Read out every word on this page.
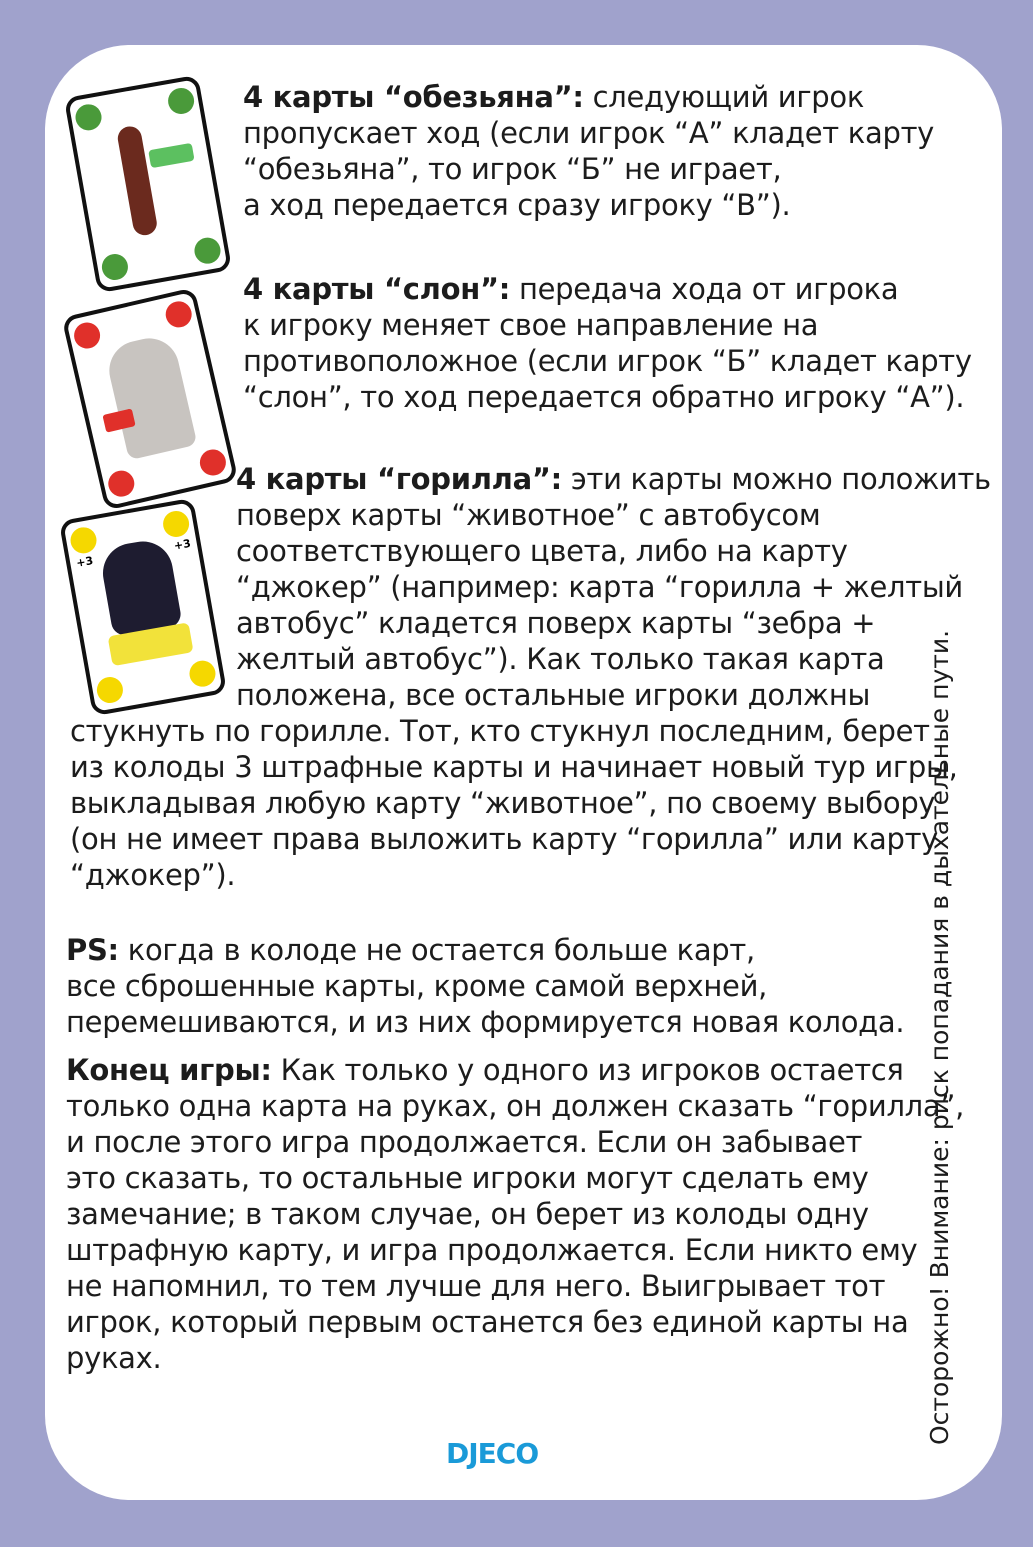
+3
+3
4 карты “обезьяна”: следующий игрок
пропускает ход (если игрок “А” кладет карту
“обезьяна”, то игрок “Б” не играет,
а ход передается сразу игроку “В”).
4 карты “слон”: передача хода от игрока
к игроку меняет свое направление на
противоположное (если игрок “Б” кладет карту
“слон”, то ход передается обратно игроку “А”).
4 карты “горилла”: эти карты можно положить
поверх карты “животное” с автобусом
соответствующего цвета, либо на карту
“джокер” (например: карта “горилла + желтый
автобус” кладется поверх карты “зебра +
желтый автобус”). Как только такая карта
положена, все остальные игроки должны
стукнуть по горилле. Тот, кто стукнул последним, берет
из колоды 3 штрафные карты и начинает новый тур игры,
выкладывая любую карту “животное”, по своему выбору
(он не имеет права выложить карту “горилла” или карту
“джокер”).
PS: когда в колоде не остается больше карт,
все сброшенные карты, кроме самой верхней,
перемешиваются, и из них формируется новая колода.
Конец игры: Как только у одного из игроков остается
только одна карта на руках, он должен сказать “горилла”,
и после этого игра продолжается. Если он забывает
это сказать, то остальные игроки могут сделать ему
замечание; в таком случае, он берет из колоды одну
штрафную карту, и игра продолжается. Если никто ему
не напомнил, то тем лучше для него. Выигрывает тот
игрок, который первым останется без единой карты на
руках.	Осторожно! Внимание: риск попадания в дыхательные пути.
DJECO
